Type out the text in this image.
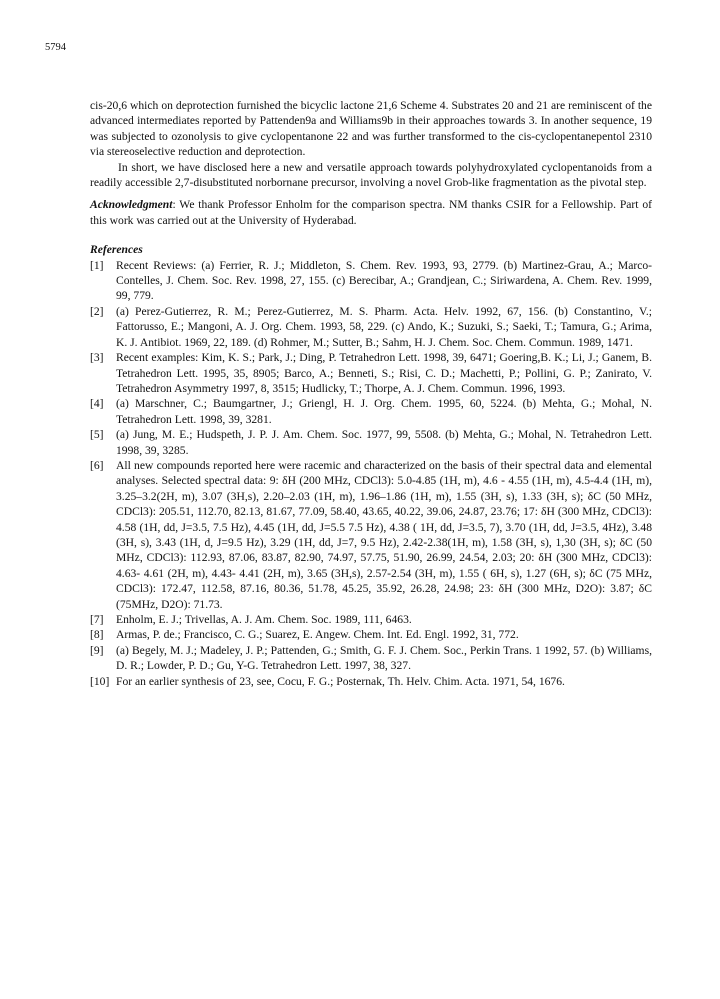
5794

cis-20,6 which on deprotection furnished the bicyclic lactone 21,6 Scheme 4. Substrates 20 and 21 are reminiscent of the advanced intermediates reported by Pattenden9a and Williams9b in their approaches towards 3. In another sequence, 19 was subjected to ozonolysis to give cyclopentanone 22 and was further transformed to the cis-cyclopentanepentol 2310 via stereoselective reduction and deprotection.

In short, we have disclosed here a new and versatile approach towards polyhydroxylated cyclopentanoids from a readily accessible 2,7-disubstituted norbornane precursor, involving a novel Grob-like fragmentation as the pivotal step.

Acknowledgment: We thank Professor Enholm for the comparison spectra. NM thanks CSIR for a Fellowship. Part of this work was carried out at the University of Hyderabad.

References

[1] Recent Reviews: (a) Ferrier, R. J.; Middleton, S. Chem. Rev. 1993, 93, 2779. (b) Martinez-Grau, A.; Marco-Contelles, J. Chem. Soc. Rev. 1998, 27, 155. (c) Berecibar, A.; Grandjean, C.; Siriwardena, A. Chem. Rev. 1999, 99, 779.
[2] (a) Perez-Gutierrez, R. M.; Perez-Gutierrez, M. S. Pharm. Acta. Helv. 1992, 67, 156. (b) Constantino, V.; Fattorusso, E.; Mangoni, A. J. Org. Chem. 1993, 58, 229. (c) Ando, K.; Suzuki, S.; Saeki, T.; Tamura, G.; Arima, K. J. Antibiot. 1969, 22, 189. (d) Rohmer, M.; Sutter, B.; Sahm, H. J. Chem. Soc. Chem. Commun. 1989, 1471.
[3] Recent examples: Kim, K. S.; Park, J.; Ding, P. Tetrahedron Lett. 1998, 39, 6471; Goering,B. K.; Li, J.; Ganem, B. Tetrahedron Lett. 1995, 35, 8905; Barco, A.; Benneti, S.; Risi, C. D.; Machetti, P.; Pollini, G. P.; Zanirato, V. Tetrahedron Asymmetry 1997, 8, 3515; Hudlicky, T.; Thorpe, A. J. Chem. Commun. 1996, 1993.
[4] (a) Marschner, C.; Baumgartner, J.; Griengl, H. J. Org. Chem. 1995, 60, 5224. (b) Mehta, G.; Mohal, N. Tetrahedron Lett. 1998, 39, 3281.
[5] (a) Jung, M. E.; Hudspeth, J. P. J. Am. Chem. Soc. 1977, 99, 5508. (b) Mehta, G.; Mohal, N. Tetrahedron Lett. 1998, 39, 3285.
[6] All new compounds reported here were racemic and characterized on the basis of their spectral data and elemental analyses. Selected spectral data: 9: δH (200 MHz, CDCl3): 5.0-4.85 (1H, m), 4.6 - 4.55 (1H, m), 4.5-4.4 (1H, m), 3.25–3.2(2H, m), 3.07 (3H,s), 2.20–2.03 (1H, m), 1.96–1.86 (1H, m), 1.55 (3H, s), 1.33 (3H, s); δC (50 MHz, CDCl3): 205.51, 112.70, 82.13, 81.67, 77.09, 58.40, 43.65, 40.22, 39.06, 24.87, 23.76; 17: δH (300 MHz, CDCl3): 4.58 (1H, dd, J=3.5, 7.5 Hz), 4.45 (1H, dd, J=5.5 7.5 Hz), 4.38 ( 1H, dd, J=3.5, 7), 3.70 (1H, dd, J=3.5, 4Hz), 3.48 (3H, s), 3.43 (1H, d, J=9.5 Hz), 3.29 (1H, dd, J=7, 9.5 Hz), 2.42-2.38(1H, m), 1.58 (3H, s), 1,30 (3H, s); δC (50 MHz, CDCl3): 112.93, 87.06, 83.87, 82.90, 74.97, 57.75, 51.90, 26.99, 24.54, 2.03; 20: δH (300 MHz, CDCl3): 4.63- 4.61 (2H, m), 4.43- 4.41 (2H, m), 3.65 (3H,s), 2.57-2.54 (3H, m), 1.55 ( 6H, s), 1.27 (6H, s); δC (75 MHz, CDCl3): 172.47, 112.58, 87.16, 80.36, 51.78, 45.25, 35.92, 26.28, 24.98; 23: δH (300 MHz, D2O): 3.87; δC (75MHz, D2O): 71.73.
[7] Enholm, E. J.; Trivellas, A. J. Am. Chem. Soc. 1989, 111, 6463.
[8] Armas, P. de.; Francisco, C. G.; Suarez, E. Angew. Chem. Int. Ed. Engl. 1992, 31, 772.
[9] (a) Begely, M. J.; Madeley, J. P.; Pattenden, G.; Smith, G. F. J. Chem. Soc., Perkin Trans. 1 1992, 57. (b) Williams, D. R.; Lowder, P. D.; Gu, Y-G. Tetrahedron Lett. 1997, 38, 327.
[10] For an earlier synthesis of 23, see, Cocu, F. G.; Posternak, Th. Helv. Chim. Acta. 1971, 54, 1676.
